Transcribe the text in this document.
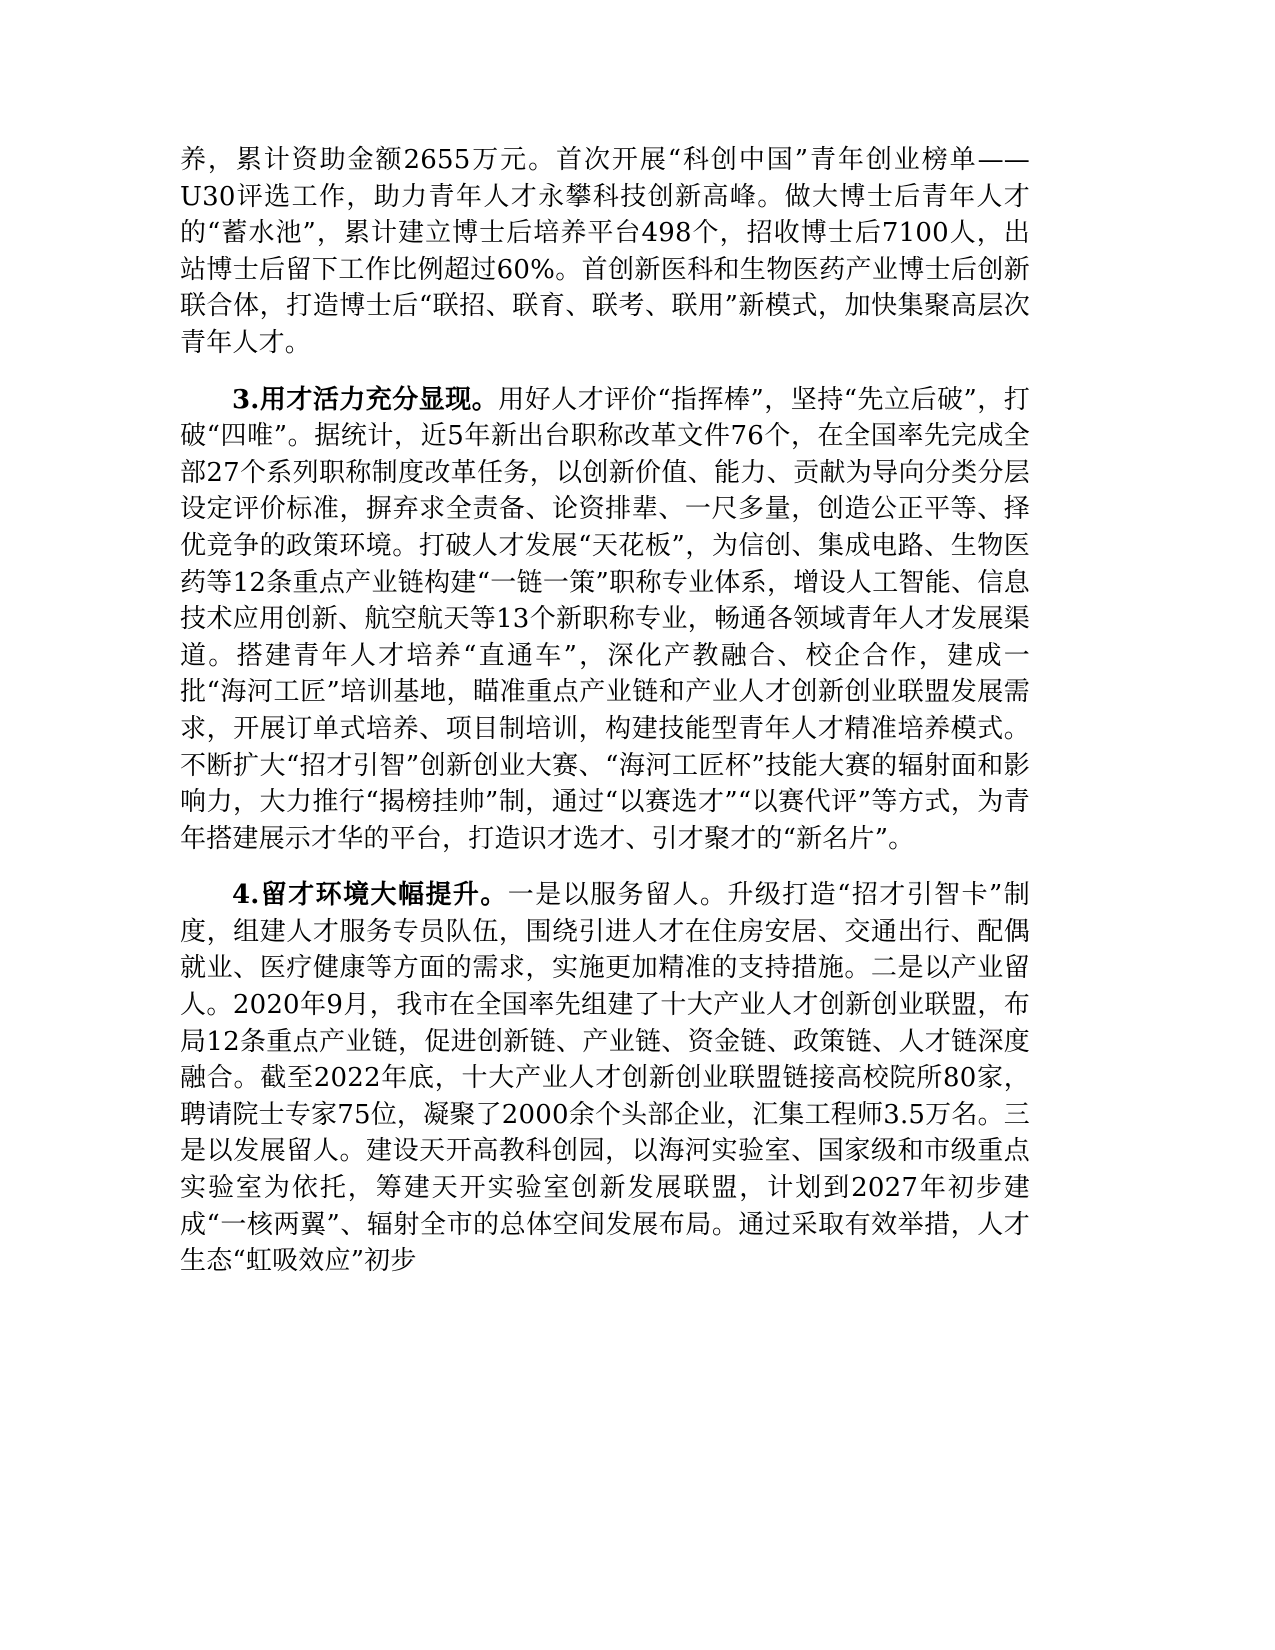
养，累计资助金额2655万元。首次开展“科创中国”青年创业榜单——U30评选工作，助力青年人才永攀科技创新高峰。做大博士后青年人才的“蓄水池”，累计建立博士后培养平台498个，招收博士后7100人，出站博士后留下工作比例超过60%。首创新医科和生物医药产业博士后创新联合体，打造博士后“联招、联育、联考、联用”新模式，加快集聚高层次青年人才。

3.用才活力充分显现。用好人才评价“指挥棒”，坚持“先立后破”，打破“四唯”。据统计，近5年新出台职称改革文件76个，在全国率先完成全部27个系列职称制度改革任务，以创新价值、能力、贡献为导向分类分层设定评价标准，摒弃求全责备、论资排辈、一尺多量，创造公正平等、择优竞争的政策环境。打破人才发展“天花板”，为信创、集成电路、生物医药等12条重点产业链构建“一链一策”职称专业体系，增设人工智能、信息技术应用创新、航空航天等13个新职称专业，畅通各领域青年人才发展渠道。搭建青年人才培养“直通车”，深化产教融合、校企合作，建成一批“海河工匠”培训基地，瞄准重点产业链和产业人才创新创业联盟发展需求，开展订单式培养、项目制培训，构建技能型青年人才精准培养模式。不断扩大“招才引智”创新创业大赛、“海河工匠杯”技能大赛的辐射面和影响力，大力推行“揭榜挂帅”制，通过“以赛选才”“以赛代评”等方式，为青年搭建展示才华的平台，打造识才选才、引才聚才的“新名片”。

4.留才环境大幅提升。一是以服务留人。升级打造“招才引智卡”制度，组建人才服务专员队伍，围绕引进人才在住房安居、交通出行、配偶就业、医疗健康等方面的需求，实施更加精准的支持措施。二是以产业留人。2020年9月，我市在全国率先组建了十大产业人才创新创业联盟，布局12条重点产业链，促进创新链、产业链、资金链、政策链、人才链深度融合。截至2022年底，十大产业人才创新创业联盟链接高校院所80家，聘请院士专家75位，凝聚了2000余个头部企业，汇集工程师3.5万名。三是以发展留人。建设天开高教科创园，以海河实验室、国家级和市级重点实验室为依托，筹建天开实验室创新发展联盟，计划到2027年初步建成“一核两翼”、辐射全市的总体空间发展布局。通过采取有效举措，人才生态“虹吸效应”初步
